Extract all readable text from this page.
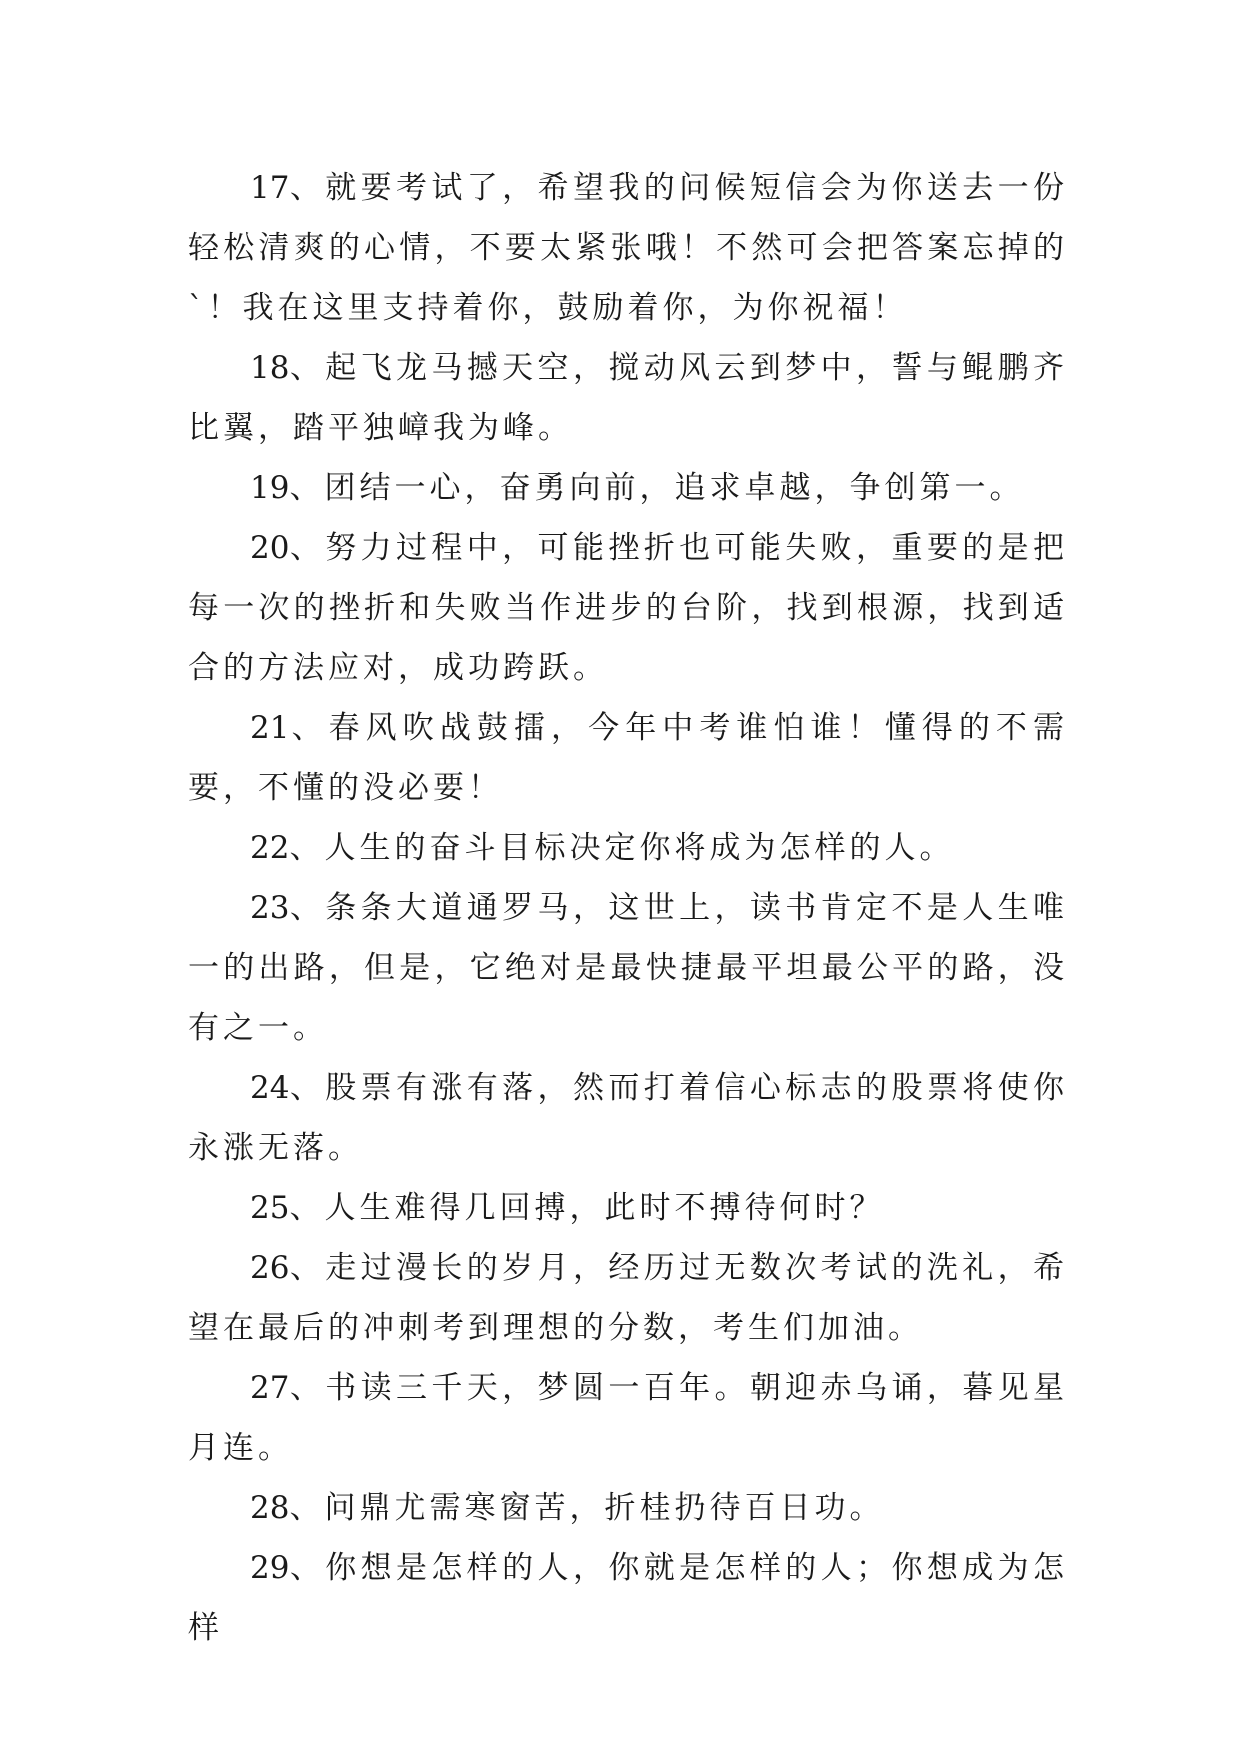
17、就要考试了，希望我的问候短信会为你送去一份轻松清爽的心情，不要太紧张哦！不然可会把答案忘掉的`！我在这里支持着你，鼓励着你，为你祝福！

18、起飞龙马撼天空，搅动风云到梦中，誓与鲲鹏齐比翼，踏平独嶂我为峰。

19、团结一心，奋勇向前，追求卓越，争创第一。

20、努力过程中，可能挫折也可能失败，重要的是把每一次的挫折和失败当作进步的台阶，找到根源，找到适合的方法应对，成功跨跃。

21、春风吹战鼓擂，今年中考谁怕谁！懂得的不需要，不懂的没必要！

22、人生的奋斗目标决定你将成为怎样的人。

23、条条大道通罗马，这世上，读书肯定不是人生唯一的出路，但是，它绝对是最快捷最平坦最公平的路，没有之一。

24、股票有涨有落，然而打着信心标志的股票将使你永涨无落。

25、人生难得几回搏，此时不搏待何时？

26、走过漫长的岁月，经历过无数次考试的洗礼，希望在最后的冲刺考到理想的分数，考生们加油。

27、书读三千天，梦圆一百年。朝迎赤乌诵，暮见星月连。

28、问鼎尤需寒窗苦，折桂扔待百日功。

29、你想是怎样的人，你就是怎样的人；你想成为怎样
